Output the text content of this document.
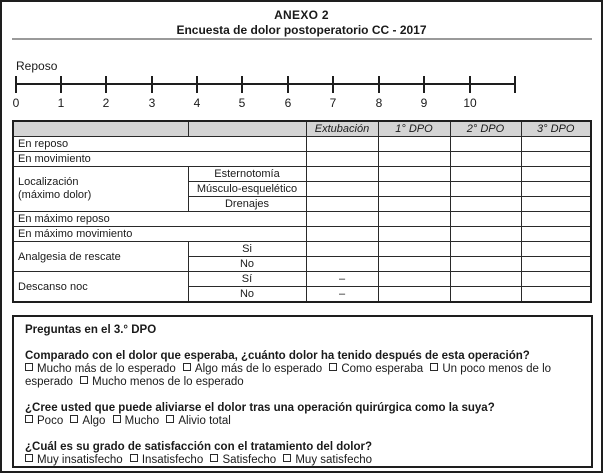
ANEXO 2
Encuesta de dolor postoperatorio CC - 2017
Reposo
0	1	2	3	4	5	6	7	8	9	10
		Extubación	1° DPO	2° DPO	3° DPO
En reposo					
En movimiento					

Localización
(máximo dolor)	Esternotomía				
	Músculo-esquelético				
	Drenajes				
En máximo reposo					
En máximo movimiento					
Analgesia de rescate	Si				
	No				
Descanso noc	Sí	–			
	No	–			

Preguntas en el 3.° DPO

Comparado con el dolor que esperaba, ¿cuánto dolor ha tenido después de esta operación?

Mucho más de lo esperado Algo más de lo esperado Como esperaba Un poco menos de lo esperado Mucho menos de lo esperado

¿Cree usted que puede aliviarse el dolor tras una operación quirúrgica como la suya?

Poco Algo Mucho Alivio total

¿Cuál es su grado de satisfacción con el tratamiento del dolor?

Muy insatisfecho Insatisfecho Satisfecho Muy satisfecho
